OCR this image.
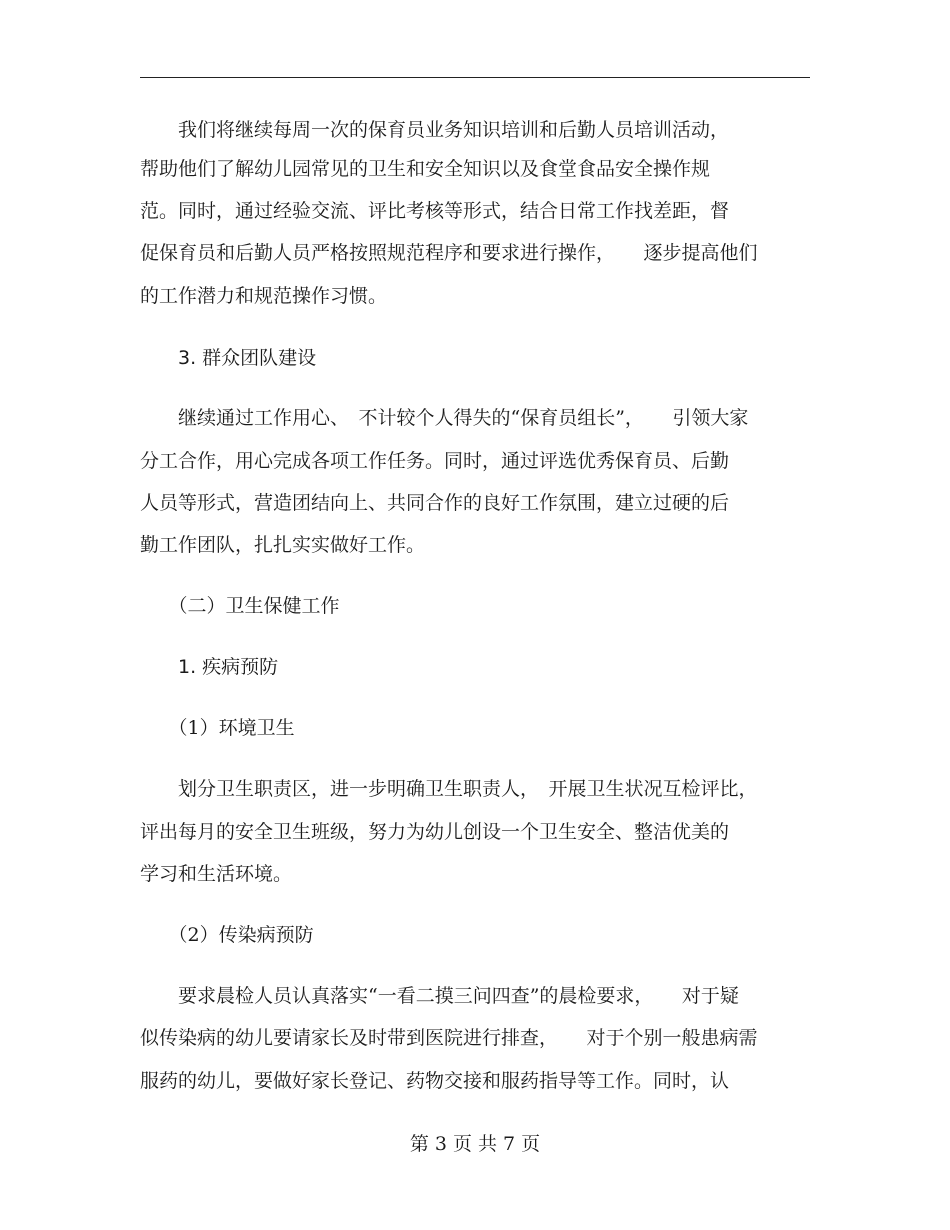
　　我们将继续每周一次的保育员业务知识培训和后勤人员培训活动，
帮助他们了解幼儿园常见的卫生和安全知识以及食堂食品安全操作规
范。同时，通过经验交流、评比考核等形式，结合日常工作找差距，督
促保育员和后勤人员严格按照规范程序和要求进行操作，　　逐步提高他们
的工作潜力和规范操作习惯。
　　3. 群众团队建设
　　继续通过工作用心、　不计较个人得失的“保育员组长”，　　引领大家
分工合作，用心完成各项工作任务。同时，通过评选优秀保育员、后勤
人员等形式，营造团结向上、共同合作的良好工作氛围，建立过硬的后
勤工作团队，扎扎实实做好工作。
　　（二）卫生保健工作
　　1. 疾病预防
　　（1）环境卫生
　　划分卫生职责区，进一步明确卫生职责人，　开展卫生状况互检评比，
评出每月的安全卫生班级，努力为幼儿创设一个卫生安全、整洁优美的
学习和生活环境。
　　（2）传染病预防
　　要求晨检人员认真落实“一看二摸三问四查”的晨检要求，　　对于疑
似传染病的幼儿要请家长及时带到医院进行排查，　　对于个别一般患病需
服药的幼儿，要做好家长登记、药物交接和服药指导等工作。同时，认
第 3 页 共 7 页
